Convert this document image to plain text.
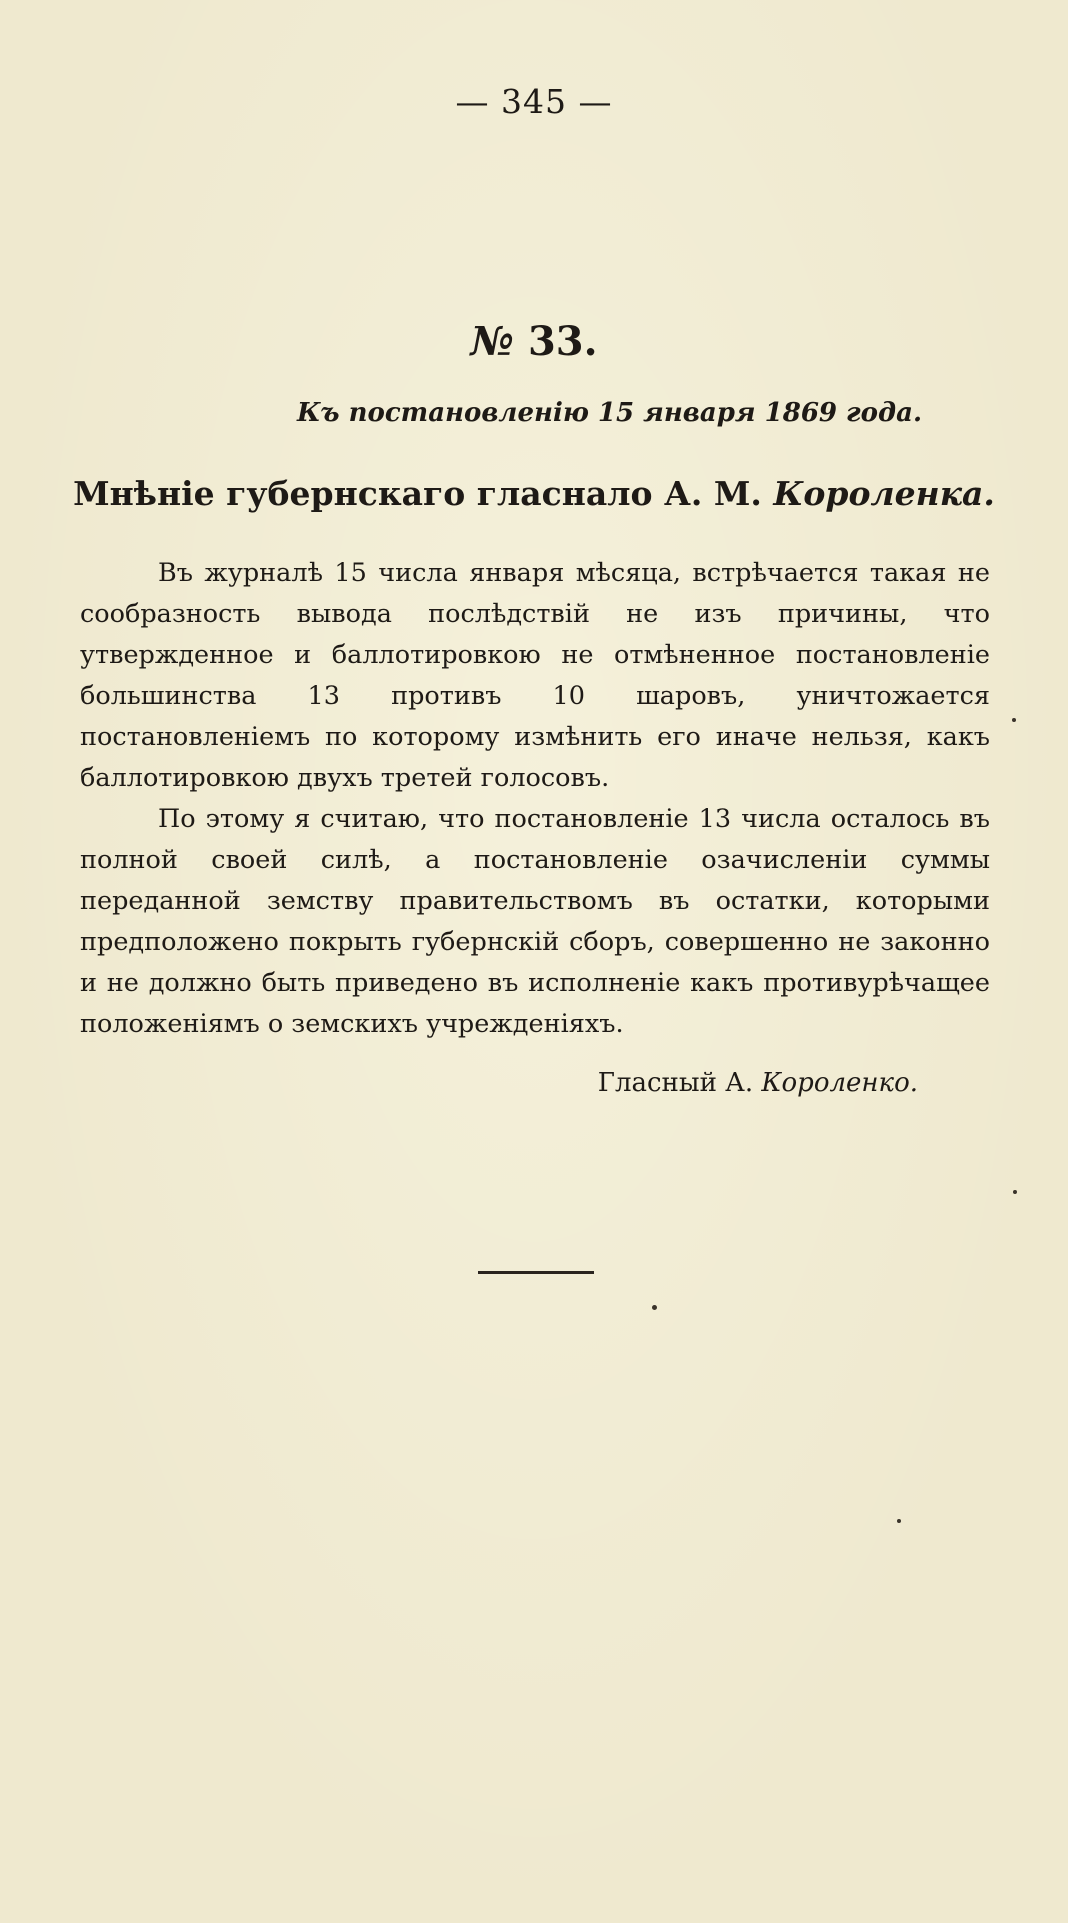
— 345 —
№ 33.
Къ постановленію 15 января 1869 года.
Мнѣніе губернскаго гласнало А. М. Короленка.

Въ журналѣ 15 числа января мѣсяца, встрѣчается такая не сообразность вывода послѣдствій не изъ причины, что утвержденное и баллотировкою не отмѣненное постановленіе большинства 13 противъ 10 шаровъ, уничтожается постановленіемъ по которому измѣнить его иначе нельзя, какъ баллотировкою двухъ третей голосовъ.

По этому я считаю, что постановленіе 13 числа осталось въ полной своей силѣ, а постановленіе озачисленіи суммы переданной земству правительствомъ въ остатки, которыми предположено покрыть губернскій сборъ, совершенно не законно и не должно быть приведено въ исполненіе какъ противурѣчащее положеніямъ о земскихъ учрежденіяхъ.

Гласный А. Короленко.
